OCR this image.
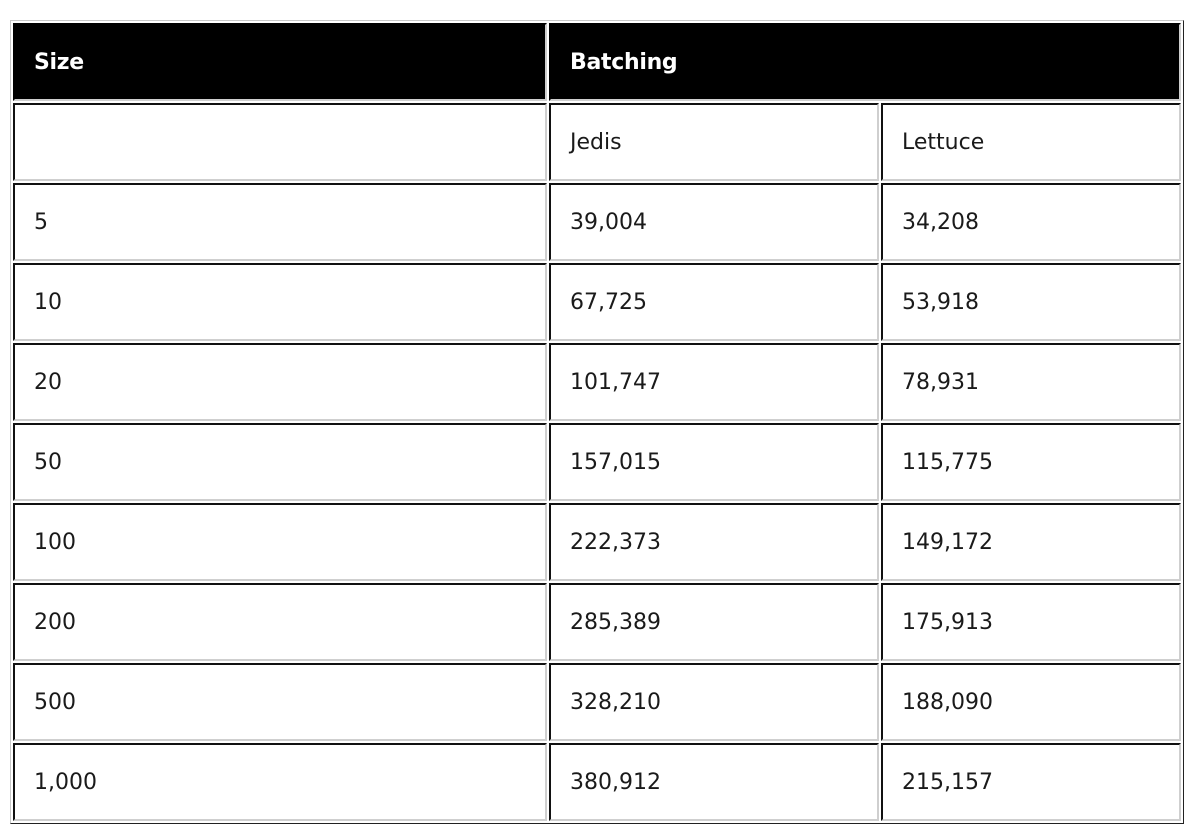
Size	Batching	
	Jedis	Lettuce
5	39,004	34,208
10	67,725	53,918
20	101,747	78,931
50	157,015	115,775
100	222,373	149,172
200	285,389	175,913
500	328,210	188,090
1,000	380,912	215,157
